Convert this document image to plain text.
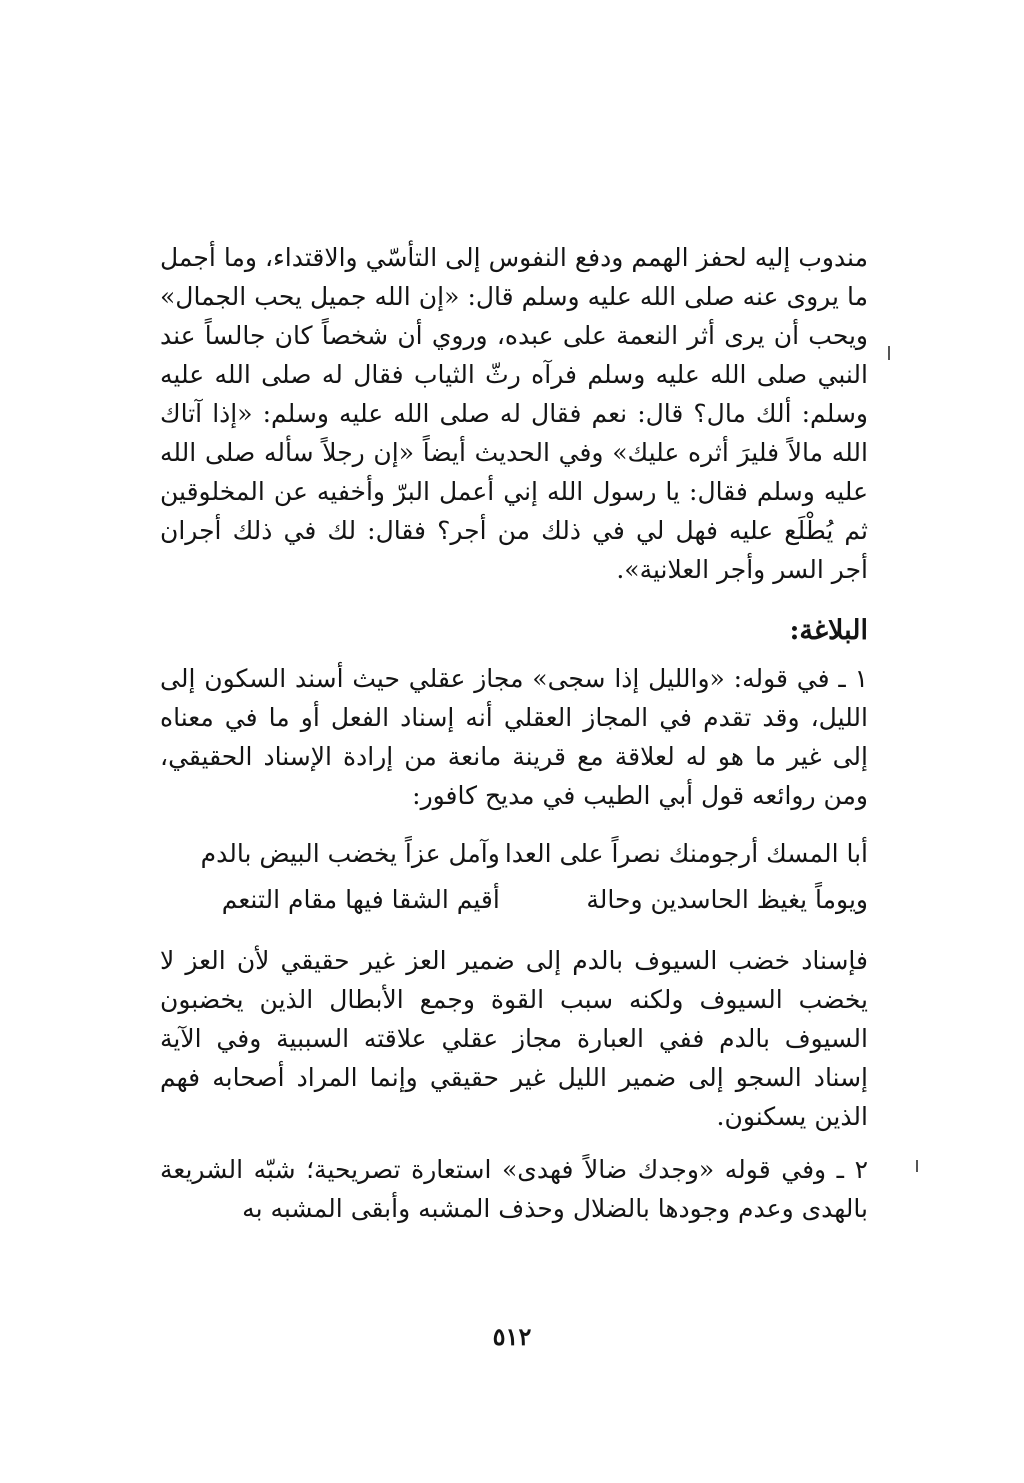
مندوب إليه لحفز الهمم ودفع النفوس إلى التأسّي والاقتداء، وما أجمل ما يروى عنه صلى الله عليه وسلم قال: «إن الله جميل يحب الجمال» ويحب أن يرى أثر النعمة على عبده، وروي أن شخصاً كان جالساً عند النبي صلى الله عليه وسلم فرآه رثّ الثياب فقال له صلى الله عليه وسلم: ألك مال؟ قال: نعم فقال له صلى الله عليه وسلم: «إذا آتاك الله مالاً فليرَ أثره عليك» وفي الحديث أيضاً «إن رجلاً سأله صلى الله عليه وسلم فقال: يا رسول الله إني أعمل البرّ وأخفيه عن المخلوقين ثم يُطْلَع عليه فهل لي في ذلك من أجر؟ فقال: لك في ذلك أجران أجر السر وأجر العلانية».

البلاغة:

١ ـ في قوله: «والليل إذا سجى» مجاز عقلي حيث أسند السكون إلى الليل، وقد تقدم في المجاز العقلي أنه إسناد الفعل أو ما في معناه إلى غير ما هو له لعلاقة مع قرينة مانعة من إرادة الإسناد الحقيقي، ومن روائعه قول أبي الطيب في مديح كافور:

أبا المسك أرجومنك نصراً على العدا
وآمل عزاً يخضب البيض بالدم
ويوماً يغيظ الحاسدين وحالة
أقيم الشقا فيها مقام التنعم

فإسناد خضب السيوف بالدم إلى ضمير العز غير حقيقي لأن العز لا يخضب السيوف ولكنه سبب القوة وجمع الأبطال الذين يخضبون السيوف بالدم ففي العبارة مجاز عقلي علاقته السببية وفي الآية إسناد السجو إلى ضمير الليل غير حقيقي وإنما المراد أصحابه فهم الذين يسكنون.

٢ ـ وفي قوله «وجدك ضالاً فهدى» استعارة تصريحية؛ شبّه الشريعة بالهدى وعدم وجودها بالضلال وحذف المشبه وأبقى المشبه به

٥١٢
